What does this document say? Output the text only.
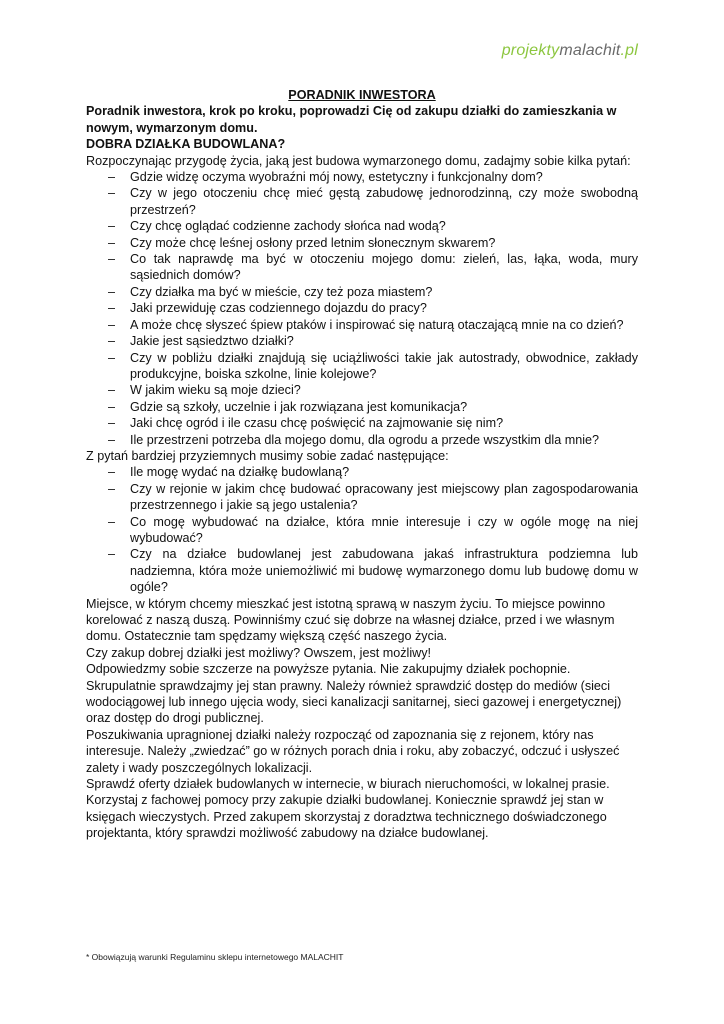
projektymalachit.pl

PORADNIK INWESTORA

Poradnik inwestora, krok po kroku, poprowadzi Cię od zakupu działki do zamieszkania w nowym, wymarzonym domu.

DOBRA DZIAŁKA BUDOWLANA?

Rozpoczynając przygodę życia, jaką jest budowa wymarzonego domu, zadajmy sobie kilka pytań:

– Gdzie widzę oczyma wyobraźni mój nowy, estetyczny i funkcjonalny dom?
– Czy w jego otoczeniu chcę mieć gęstą zabudowę jednorodzinną, czy może swobodną przestrzeń?
– Czy chcę oglądać codzienne zachody słońca nad wodą?
– Czy może chcę leśnej osłony przed letnim słonecznym skwarem?
– Co tak naprawdę ma być w otoczeniu mojego domu: zieleń, las, łąka, woda, mury sąsiednich domów?
– Czy działka ma być w mieście, czy też poza miastem?
– Jaki przewiduję czas codziennego dojazdu do pracy?
– A może chcę słyszeć śpiew ptaków i inspirować się naturą otaczającą mnie na co dzień?
– Jakie jest sąsiedztwo działki?
– Czy w pobliżu działki znajdują się uciążliwości takie jak autostrady, obwodnice, zakłady produkcyjne, boiska szkolne, linie kolejowe?
– W jakim wieku są moje dzieci?
– Gdzie są szkoły, uczelnie i jak rozwiązana jest komunikacja?
– Jaki chcę ogród i ile czasu chcę poświęcić na zajmowanie się nim?
– Ile przestrzeni potrzeba dla mojego domu, dla ogrodu a przede wszystkim dla mnie?

Z pytań bardziej przyziemnych musimy sobie zadać następujące:

– Ile mogę wydać na działkę budowlaną?
– Czy w rejonie w jakim chcę budować opracowany jest miejscowy plan zagospodarowania przestrzennego i jakie są jego ustalenia?
– Co mogę wybudować na działce, która mnie interesuje i czy w ogóle mogę na niej wybudować?
– Czy na działce budowlanej jest zabudowana jakaś infrastruktura podziemna lub nadziemna, która może uniemożliwić mi budowę wymarzonego domu lub budowę domu w ogóle?

Miejsce, w którym chcemy mieszkać jest istotną sprawą w naszym życiu. To miejsce powinno korelować z naszą duszą. Powinniśmy czuć się dobrze na własnej działce, przed i we własnym domu. Ostatecznie tam spędzamy większą część naszego życia.

Czy zakup dobrej działki jest możliwy? Owszem, jest możliwy!

Odpowiedzmy sobie szczerze na powyższe pytania. Nie zakupujmy działek pochopnie. Skrupulatnie sprawdzajmy jej stan prawny. Należy również sprawdzić dostęp do mediów (sieci wodociągowej lub innego ujęcia wody, sieci kanalizacji sanitarnej, sieci gazowej i energetycznej) oraz dostęp do drogi publicznej.

Poszukiwania upragnionej działki należy rozpocząć od zapoznania się z rejonem, który nas interesuje. Należy „zwiedzać” go w różnych porach dnia i roku, aby zobaczyć, odczuć i usłyszeć zalety i wady poszczególnych lokalizacji.

Sprawdź oferty działek budowlanych w internecie, w biurach nieruchomości, w lokalnej prasie. Korzystaj z fachowej pomocy przy zakupie działki budowlanej. Koniecznie sprawdź jej stan w księgach wieczystych. Przed zakupem skorzystaj z doradztwa technicznego doświadczonego projektanta, który sprawdzi możliwość zabudowy na działce budowlanej.

* Obowiązują warunki Regulaminu sklepu internetowego MALACHIT
